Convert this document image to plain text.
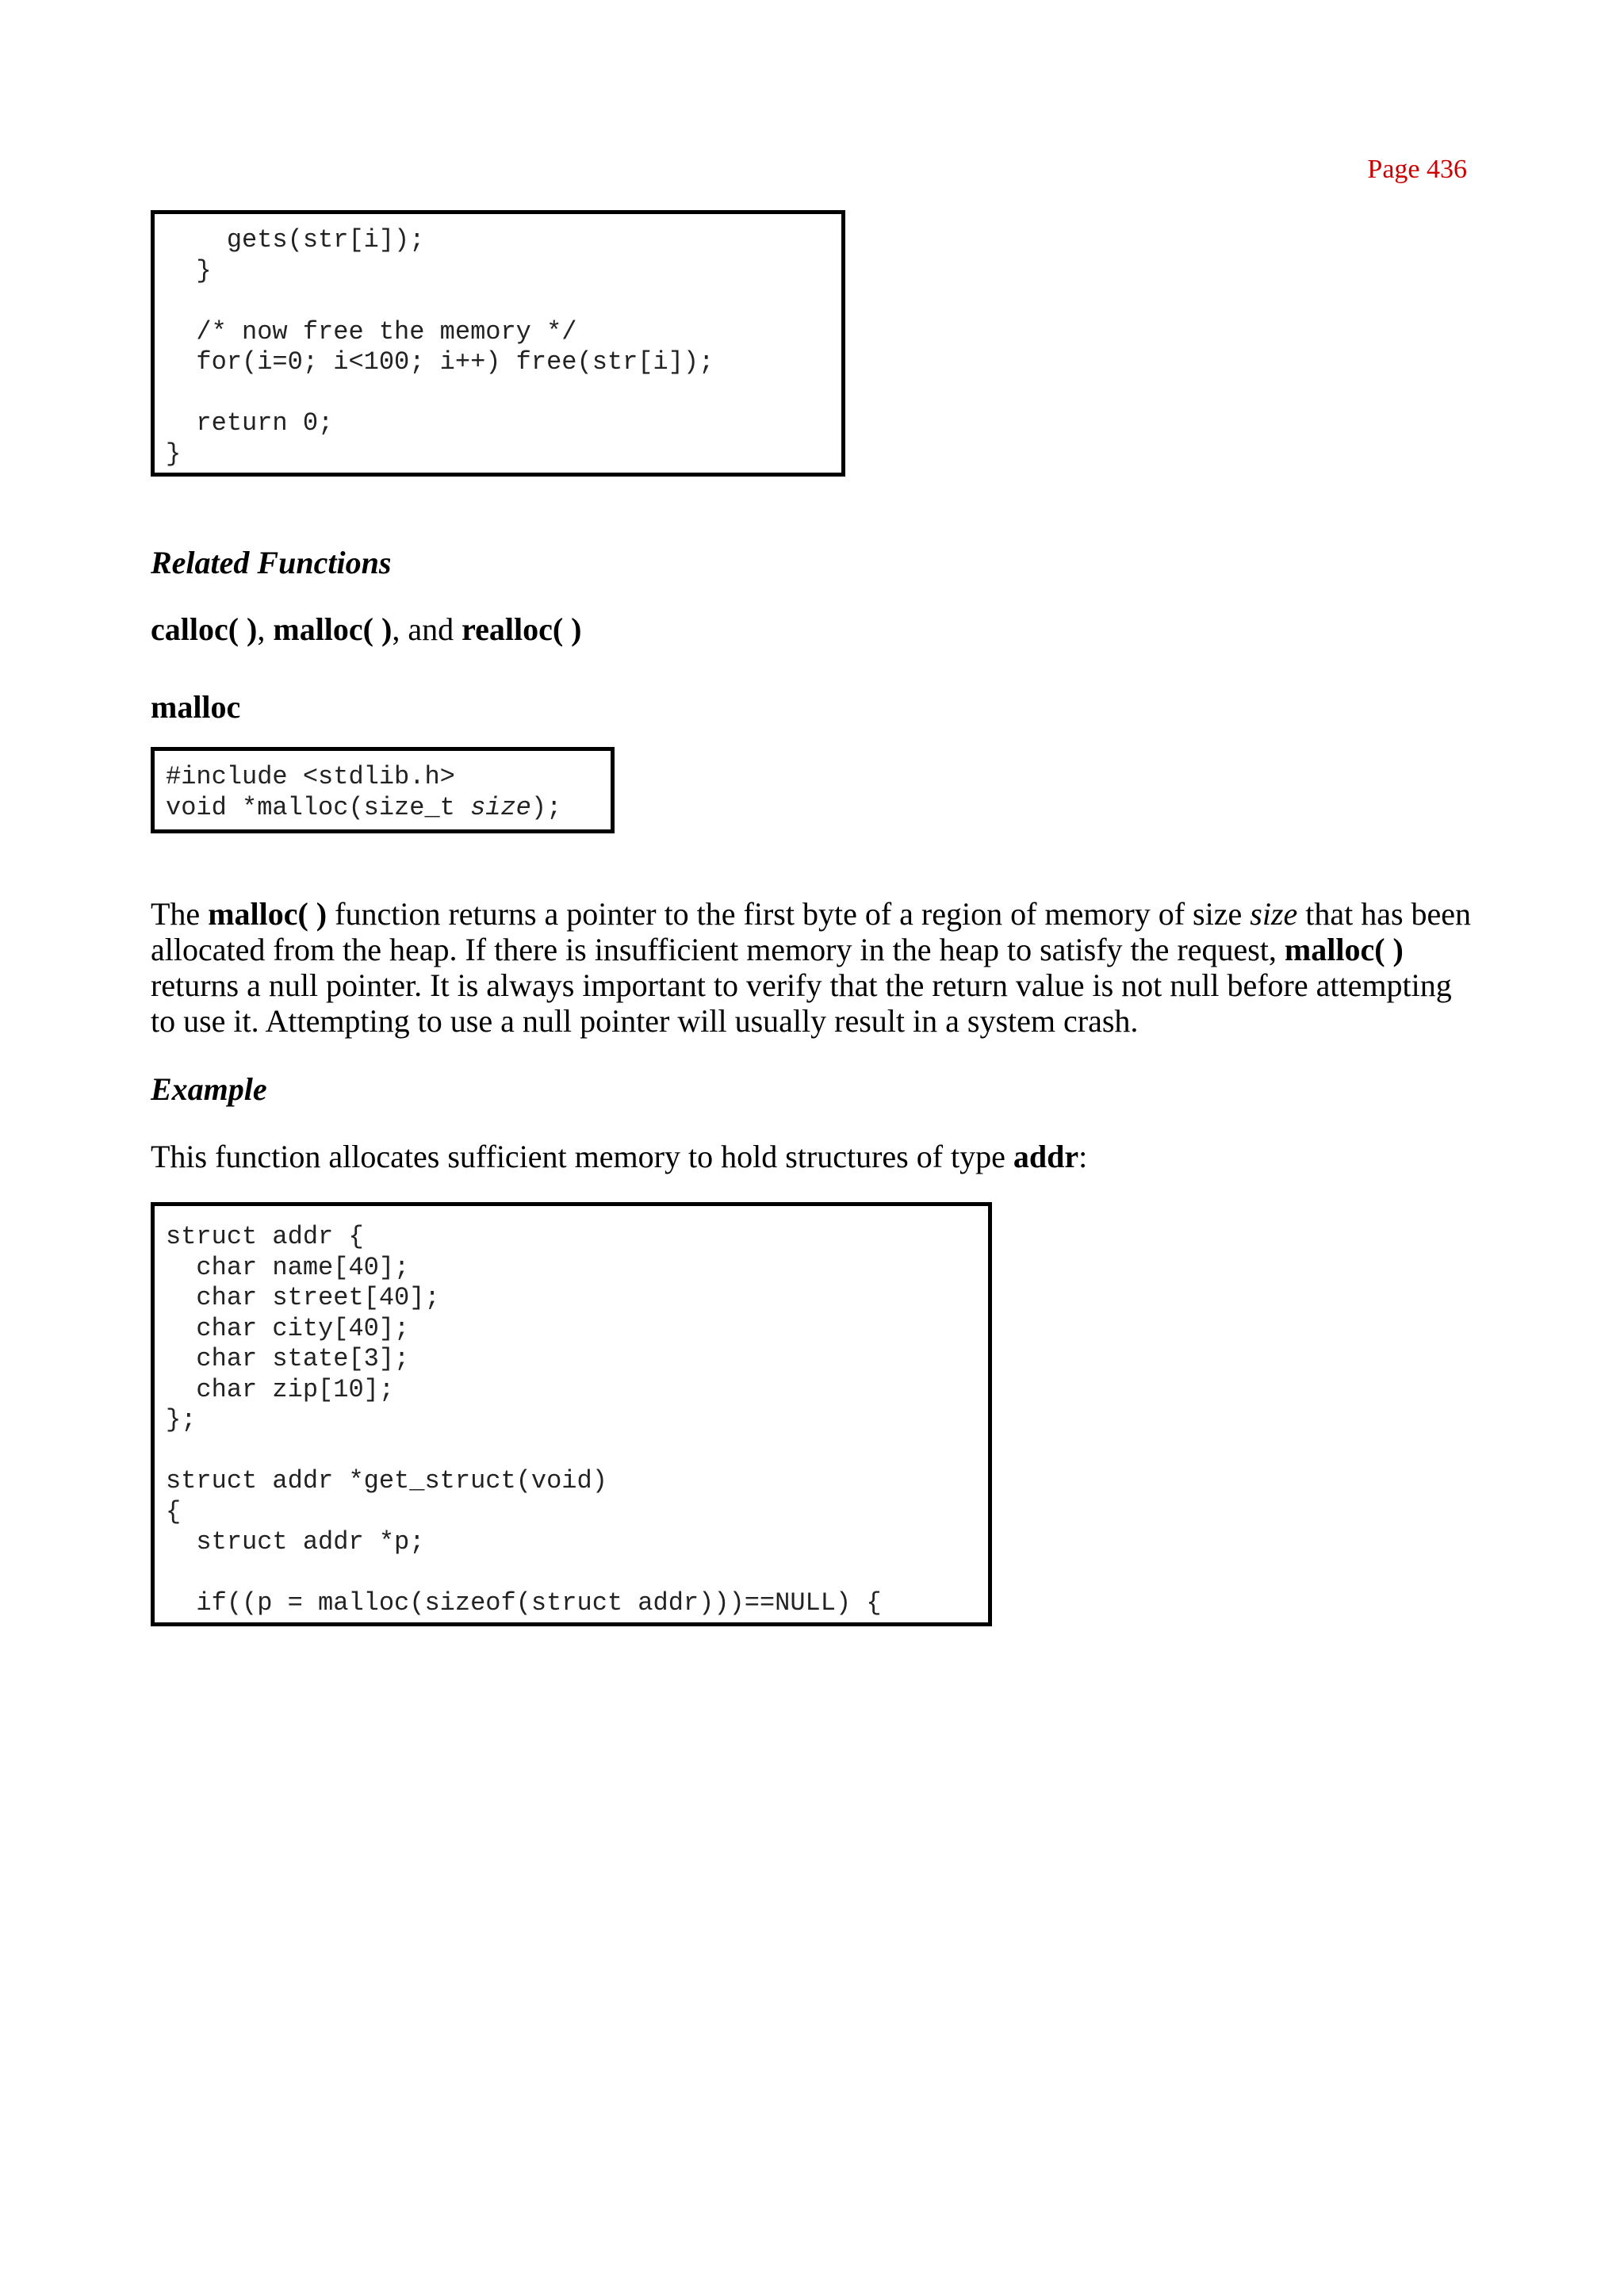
Page 436
gets(str[i]);
}
/* now free the memory */
for(i=0; i<100; i++) free(str[i]);
return 0;
}
Related Functions
calloc( ), malloc( ), and realloc( )
malloc
#include <stdlib.h>
void *malloc(size_t size);
The malloc( ) function returns a pointer to the first byte of a region of memory of size size that has been allocated from the heap. If there is insufficient memory in the heap to satisfy the request, malloc( ) returns a null pointer. It is always important to verify that the return value is not null before attempting to use it. Attempting to use a null pointer will usually result in a system crash.
Example
This function allocates sufficient memory to hold structures of type addr:
struct addr {
char name[40];
char street[40];
char city[40];
char state[3];
char zip[10];
};
struct addr *get_struct(void)
{
struct addr *p;
if((p = malloc(sizeof(struct addr)))==NULL) {
